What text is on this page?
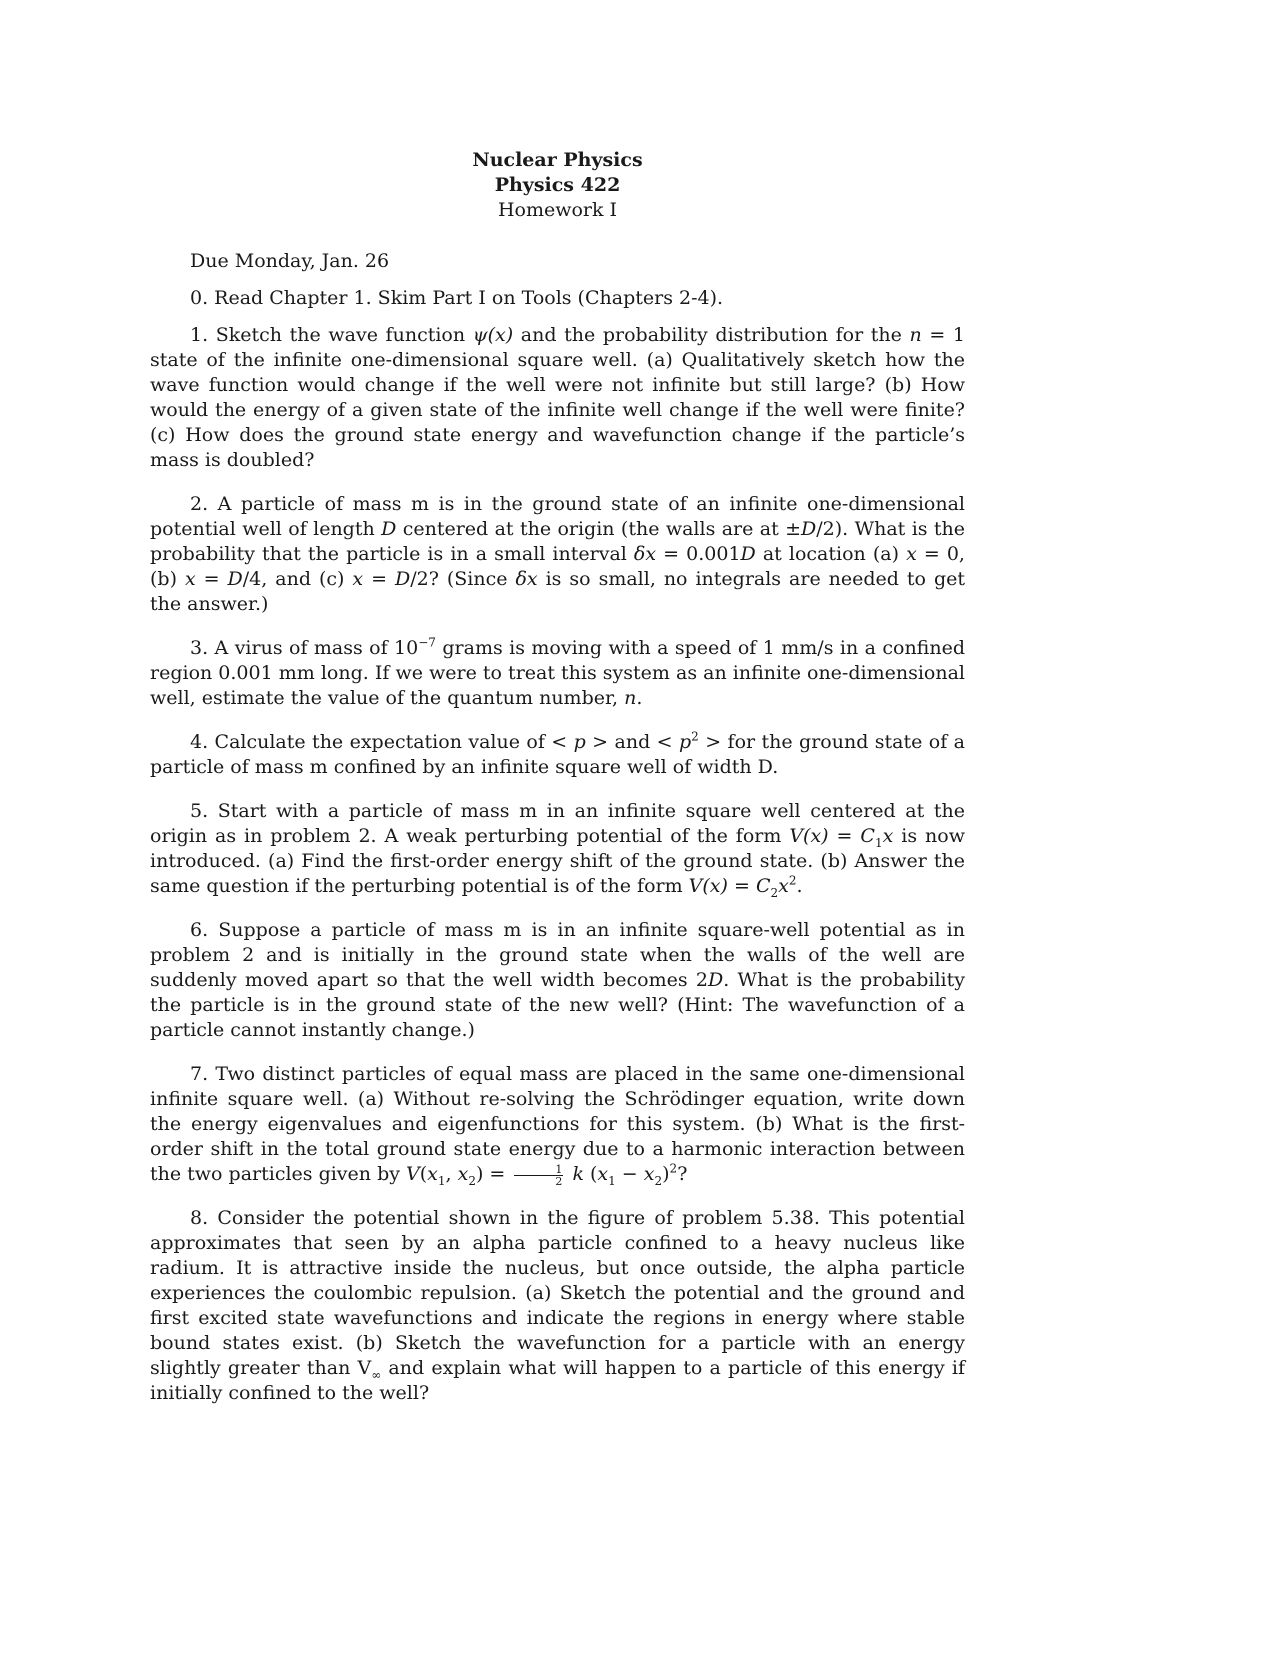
Nuclear Physics
Physics 422
Homework I
Due Monday, Jan. 26
0. Read Chapter 1. Skim Part I on Tools (Chapters 2-4).

1. Sketch the wave function ψ(x) and the probability distribution for the n = 1 state of the infinite one-dimensional square well. (a) Qualitatively sketch how the wave function would change if the well were not infinite but still large? (b) How would the energy of a given state of the infinite well change if the well were finite? (c) How does the ground state energy and wavefunction change if the particle’s mass is doubled?

2. A particle of mass m is in the ground state of an infinite one-dimensional potential well of length D centered at the origin (the walls are at ±D/2). What is the probability that the particle is in a small interval δx = 0.001D at location (a) x = 0, (b) x = D/4, and (c) x = D/2? (Since δx is so small, no integrals are needed to get the answer.)

3. A virus of mass of $10^{-7}$ grams is moving with a speed of 1 mm/s in a confined region 0.001 mm long. If we were to treat this system as an infinite one-dimensional well, estimate the value of the quantum number, n.

4. Calculate the expectation value of < p > and < $p^2$ > for the ground state of a particle of mass m confined by an infinite square well of width D.

5. Start with a particle of mass m in an infinite square well centered at the origin as in problem 2. A weak perturbing potential of the form $V(x) = C_1x$ is now introduced. (a) Find the first-order energy shift of the ground state. (b) Answer the same question if the perturbing potential is of the form $V(x) = C_2x^2$.

6. Suppose a particle of mass m is in an infinite square-well potential as in problem 2 and is initially in the ground state when the walls of the well are suddenly moved apart so that the well width becomes 2D. What is the probability the particle is in the ground state of the new well? (Hint: The wavefunction of a particle cannot instantly change.)

7. Two distinct particles of equal mass are placed in the same one-dimensional infinite square well. (a) Without re-solving the Schrödinger equation, write down the energy eigenvalues and eigenfunctions for this system. (b) What is the first-order shift in the total ground state energy due to a harmonic interaction between the two particles given by $V(x_1$, $x_2) = \frac{1}{2}$ k $(x_1 - x_2)^2$?

8. Consider the potential shown in the figure of problem 5.38. This potential approximates that seen by an alpha particle confined to a heavy nucleus like radium. It is attractive inside the nucleus, but once outside, the alpha particle experiences the coulombic repulsion. (a) Sketch the potential and the ground and first excited state wavefunctions and indicate the regions in energy where stable bound states exist. (b) Sketch the wavefunction for a particle with an energy slightly greater than $V_\infty$ and explain what will happen to a particle of this energy if initially confined to the well?
